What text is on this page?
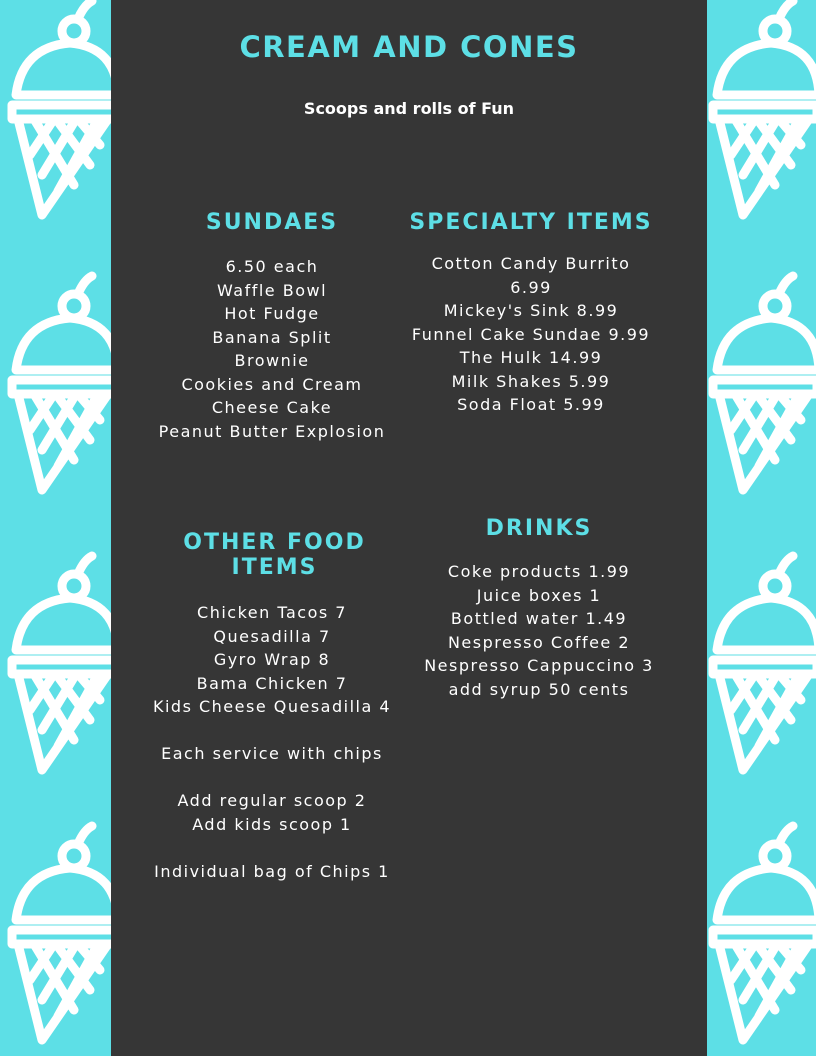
CREAM AND CONES
Scoops and rolls of Fun
SUNDAES
6.50 each
Waffle Bowl
Hot Fudge
Banana Split
Brownie
Cookies and Cream
Cheese Cake
Peanut Butter Explosion
SPECIALTY ITEMS
Cotton Candy Burrito
6.99
Mickey's Sink 8.99
Funnel Cake Sundae 9.99
The Hulk 14.99
Milk Shakes 5.99
Soda Float 5.99
OTHER FOOD
ITEMS
Chicken Tacos 7
Quesadilla 7
Gyro Wrap 8
Bama Chicken 7
Kids Cheese Quesadilla 4
Each service with chips
Add regular scoop 2
Add kids scoop 1
Individual bag of Chips 1
DRINKS
Coke products 1.99
Juice boxes 1
Bottled water 1.49
Nespresso Coffee 2
Nespresso Cappuccino 3
add syrup 50 cents
